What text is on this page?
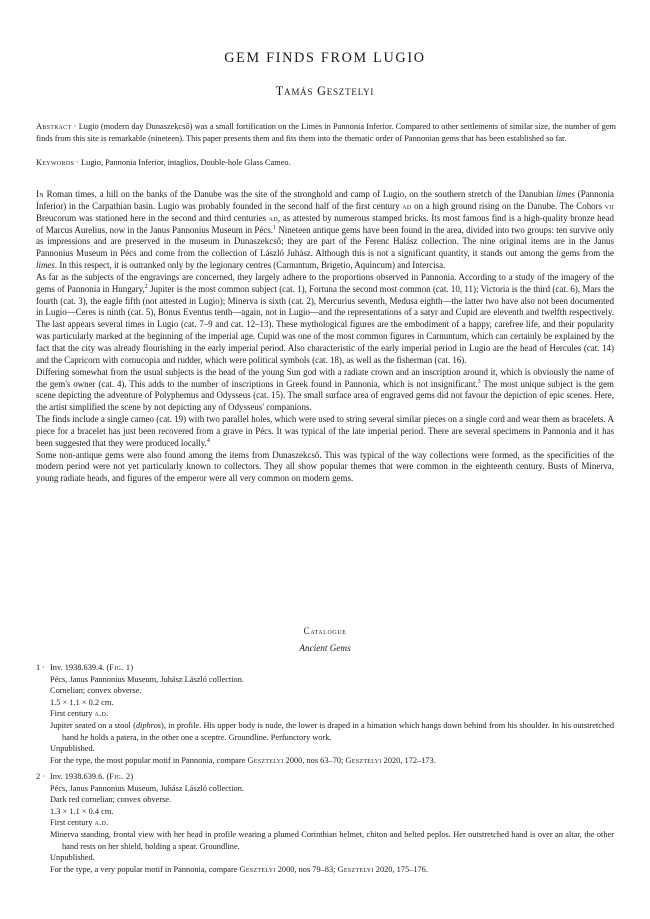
GEM FINDS FROM LUGIO
Tamás Gesztelyi
Abstract · Lugio (modern day Dunaszekcső) was a small fortification on the Limes in Pannonia Inferior. Compared to other settlements of similar size, the number of gem finds from this site is remarkable (nineteen). This paper presents them and fits them into the thematic order of Pannonian gems that has been established so far.
Keywords · Lugio, Pannonia Inferior, intaglios, Double-hole Glass Cameo.

In Roman times, a hill on the banks of the Danube was the site of the stronghold and camp of Lugio, on the southern stretch of the Danubian limes (Pannonia Inferior) in the Carpathian basin. Lugio was probably founded in the second half of the first century ad on a high ground rising on the Danube. The Cohors vii Breucorum was stationed here in the second and third centuries ad, as attested by numerous stamped bricks. Its most famous find is a high-quality bronze head of Marcus Aurelius, now in the Janus Pannonius Museum in Pécs.$^1$ Nineteen antique gems have been found in the area, divided into two groups: ten survive only as impressions and are preserved in the museum in Dunaszekcső; they are part of the Ferenc Halász collection. The nine original items are in the Janus Pannonius Museum in Pécs and come from the collection of László Juhász. Although this is not a significant quantity, it stands out among the gems from the limes. In this respect, it is outranked only by the legionary centres (Carnuntum, Brigetio, Aquincum) and Intercisa.

As far as the subjects of the engravings are concerned, they largely adhere to the proportions observed in Pannonia. According to a study of the imagery of the gems of Pannonia in Hungary,$^2$ Jupiter is the most common subject (cat. 1), Fortuna the second most common (cat. 10, 11); Victoria is the third (cat. 6), Mars the fourth (cat. 3), the eagle fifth (not attested in Lugio); Minerva is sixth (cat. 2), Mercurius seventh, Medusa eighth—the latter two have also not been documented in Lugio—Ceres is ninth (cat. 5), Bonus Eventus tenth—again, not in Lugio—and the representations of a satyr and Cupid are eleventh and twelfth respectively. The last appears several times in Lugio (cat. 7–9 and cat. 12–13). These mythological figures are the embodiment of a happy, carefree life, and their popularity was particularly marked at the beginning of the imperial age. Cupid was one of the most common figures in Carnuntum, which can certainly be explained by the fact that the city was already flourishing in the early imperial period. Also characteristic of the early imperial period in Lugio are the head of Hercules (cat. 14) and the Capricorn with cornucopia and rudder, which were political symbols (cat. 18), as well as the fisherman (cat. 16).

Differing somewhat from the usual subjects is the head of the young Sun god with a radiate crown and an inscription around it, which is obviously the name of the gem's owner (cat. 4). This adds to the number of inscriptions in Greek found in Pannonia, which is not insignificant.$^3$ The most unique subject is the gem scene depicting the adventure of Polyphemus and Odysseus (cat. 15). The small surface area of engraved gems did not favour the depiction of epic scenes. Here, the artist simplified the scene by not depicting any of Odysseus' companions.

The finds include a single cameo (cat. 19) with two parallel holes, which were used to string several similar pieces on a single cord and wear them as bracelets. A piece for a bracelet has just been recovered from a grave in Pécs. It was typical of the late imperial period. There are several specimens in Pannonia and it has been suggested that they were produced locally.$^4$

Some non-antique gems were also found among the items from Dunaszekcső. This was typical of the way collections were formed, as the specificities of the modern period were not yet particularly known to collectors. They all show popular themes that were common in the eighteenth century. Busts of Minerva, young radiate heads, and figures of the emperor were all very common on modern gems.

Catalogue
Ancient Gems
1 · Inv. 1938.639.4. (Fig. 1)
Pécs, Janus Pannonius Museum, Juhász László collection.
Cornelian; convex obverse.
1.5 × 1.1 × 0.2 cm.
First century a.d.
Jupiter seated on a stool (diphros), in profile. His upper body is nude, the lower is draped in a himation which hangs down behind from his shoulder. In his outstretched hand he holds a patera, in the other one a sceptre. Groundline. Perfunctory work.
Unpublished.
For the type, the most popular motif in Pannonia, compare Gesztelyi 2000, nos 63–70; Gesztelyi 2020, 172–173.
2 · Inv. 1938.639.6. (Fig. 2)
Pécs, Janus Pannonius Museum, Juhász László collection.
Dark red cornelian; convex obverse.
1.3 × 1.1 × 0.4 cm.
First century a.d.
Minerva standing, frontal view with her head in profile wearing a plumed Corinthian helmet, chiton and belted peplos. Her outstretched hand is over an altar, the other hand rests on her shield, holding a spear. Groundline.
Unpublished.
For the type, a very popular motif in Pannonia, compare Gesztelyi 2000, nos 79–83; Gesztelyi 2020, 175–176.
